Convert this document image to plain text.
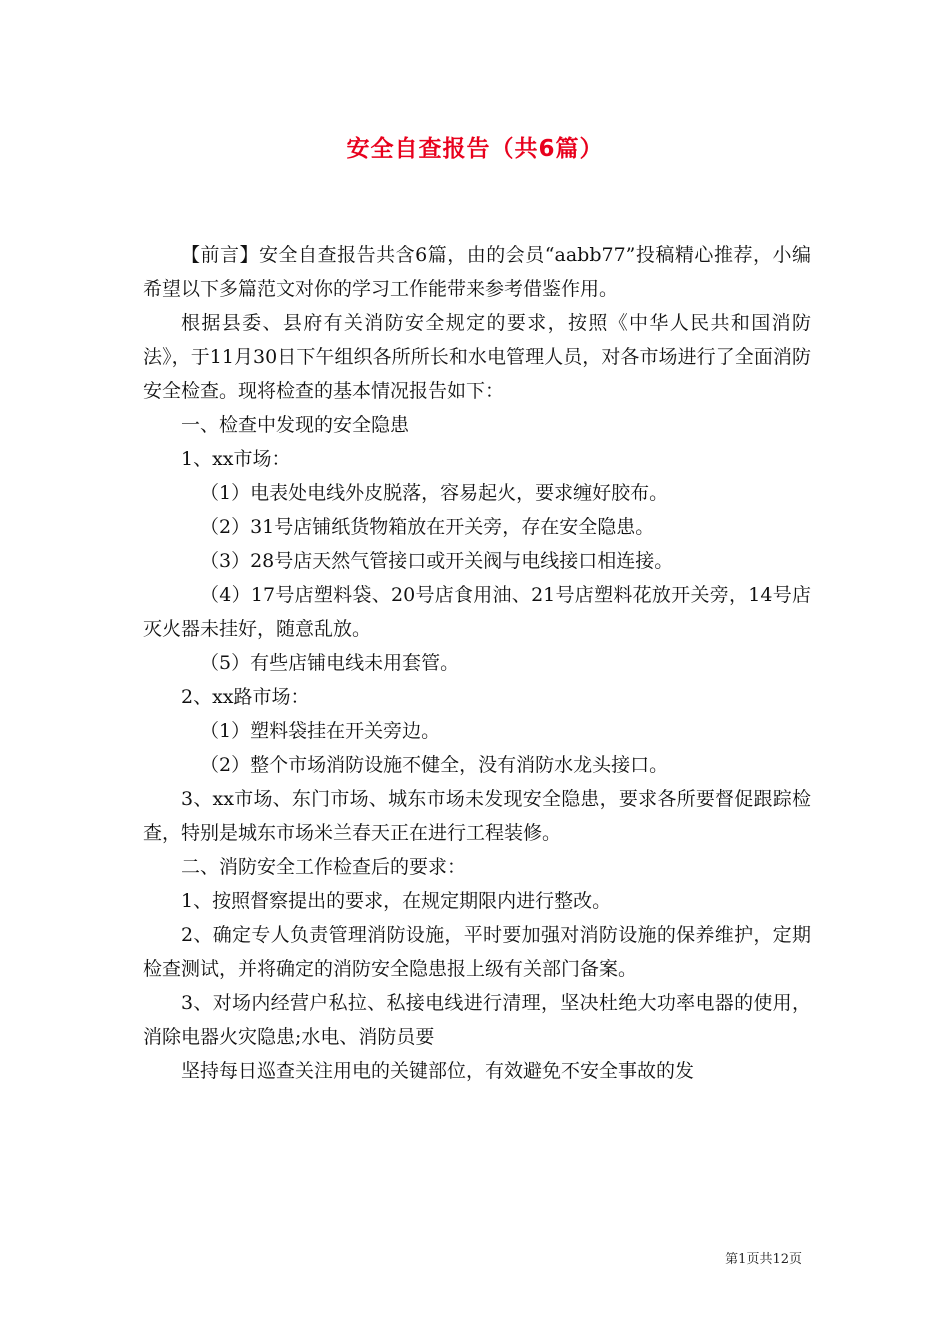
安全自查报告（共6篇）

【前言】安全自查报告共含6篇，由的会员“aabb77”投稿精心推荐，小编希望以下多篇范文对你的学习工作能带来参考借鉴作用。

根据县委、县府有关消防安全规定的要求，按照《中华人民共和国消防法》，于11月30日下午组织各所所长和水电管理人员，对各市场进行了全面消防安全检查。现将检查的基本情况报告如下：

一、检查中发现的安全隐患

1、xx市场：

（1）电表处电线外皮脱落，容易起火，要求缠好胶布。

（2）31号店铺纸货物箱放在开关旁，存在安全隐患。

（3）28号店天然气管接口或开关阀与电线接口相连接。

（4）17号店塑料袋、20号店食用油、21号店塑料花放开关旁，14号店灭火器未挂好，随意乱放。

（5）有些店铺电线未用套管。

2、xx路市场：

（1）塑料袋挂在开关旁边。

（2）整个市场消防设施不健全，没有消防水龙头接口。

3、xx市场、东门市场、城东市场未发现安全隐患，要求各所要督促跟踪检查，特别是城东市场米兰春天正在进行工程装修。

二、消防安全工作检查后的要求：

1、按照督察提出的要求，在规定期限内进行整改。

2、确定专人负责管理消防设施，平时要加强对消防设施的保养维护，定期检查测试，并将确定的消防安全隐患报上级有关部门备案。

3、对场内经营户私拉、私接电线进行清理，坚决杜绝大功率电器的使用，消除电器火灾隐患;水电、消防员要

坚持每日巡查关注用电的关键部位，有效避免不安全事故的发

第1页共12页
